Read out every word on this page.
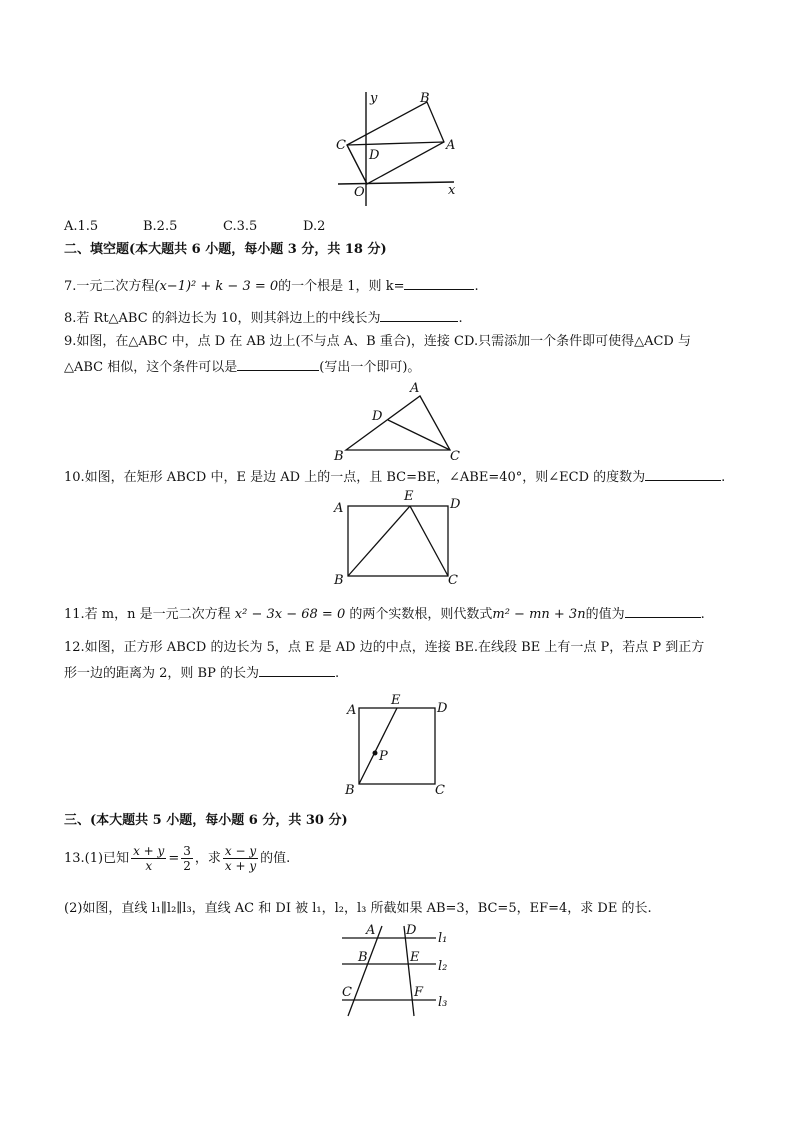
y
x
B
C
D
A
O
A.1.5	B.2.5	C.3.5	D.2
二、填空题(本大题共 6 小题，每小题 3 分，共 18 分)
7.一元二次方程(x−1)² + k − 3 = 0的一个根是 1，则 k=	.
8.若 Rt△ABC 的斜边长为 10，则其斜边上的中线长为	.
9.如图，在△ABC 中，点 D 在 AB 边上(不与点 A、B 重合)，连接 CD.只需添加一个条件即可使得△ACD 与
△ABC 相似，这个条件可以是	(写出一个即可)。
A
D
B	C
10.如图，在矩形 ABCD 中，E 是边 AD 上的一点，且 BC=BE，∠ABE=40°，则∠ECD 的度数为	.
A
E
D
B	C
11.若 m，n 是一元二次方程 x² − 3x − 68 = 0 的两个实数根，则代数式m² − mn + 3n的值为	.
12.如图，正方形 ABCD 的边长为 5，点 E 是 AD 边的中点，连接 BE.在线段 BE 上有一点 P，若点 P 到正方
形一边的距离为 2，则 BP 的长为	.
A
E
D
P
B	C
三、(本大题共 5 小题，每小题 6 分，共 30 分)
13.(1)已知 $\frac{x + y}{x} = \frac{3}{2}$ ，求 $\frac{x - y}{x + y}$ 的值.
(2)如图，直线 l₁∥l₂∥l₃，直线 AC 和 DI 被 l₁，l₂，l₃ 所截如果 AB=3，BC=5，EF=4，求 DE 的长.
A D
l₁
B	E
l₂
C	F
l₃
